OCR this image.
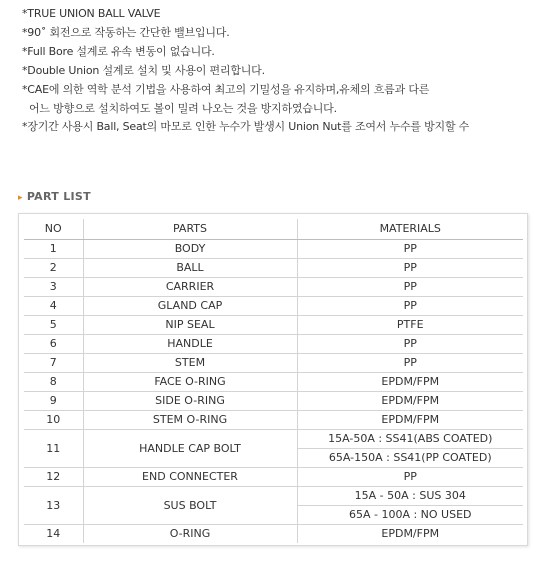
*TRUE UNION BALL VALVE
*90˚ 회전으로 작동하는 간단한 밸브입니다.
*Full Bore 설계로 유속 변동이 없습니다.
*Double Union 설계로 설치 및 사용이 편리합니다.
*CAE에 의한 역학 분석 기법을 사용하여 최고의 기밀성을 유지하며,유체의 흐름과 다른
어느 방향으로 설치하여도 볼이 밀려 나오는 것을 방지하였습니다.
*장기간 사용시 Ball, Seat의 마모로 인한 누수가 발생시 Union Nut를 조여서 누수를 방지할 수
▸ PART LIST
NO	PARTS	MATERIALS
1	BODY	PP
2	BALL	PP
3	CARRIER	PP
4	GLAND CAP	PP
5	NIP SEAL	PTFE
6	HANDLE	PP
7	STEM	PP
8	FACE O-RING	EPDM/FPM
9	SIDE O-RING	EPDM/FPM
10	STEM O-RING	EPDM/FPM
11	HANDLE CAP BOLT	15A-50A : SS41(ABS COATED)
		65A-150A : SS41(PP COATED)
12	END CONNECTER	PP
13	SUS BOLT	15A - 50A : SUS 304
		65A - 100A : NO USED
14	O-RING	EPDM/FPM
